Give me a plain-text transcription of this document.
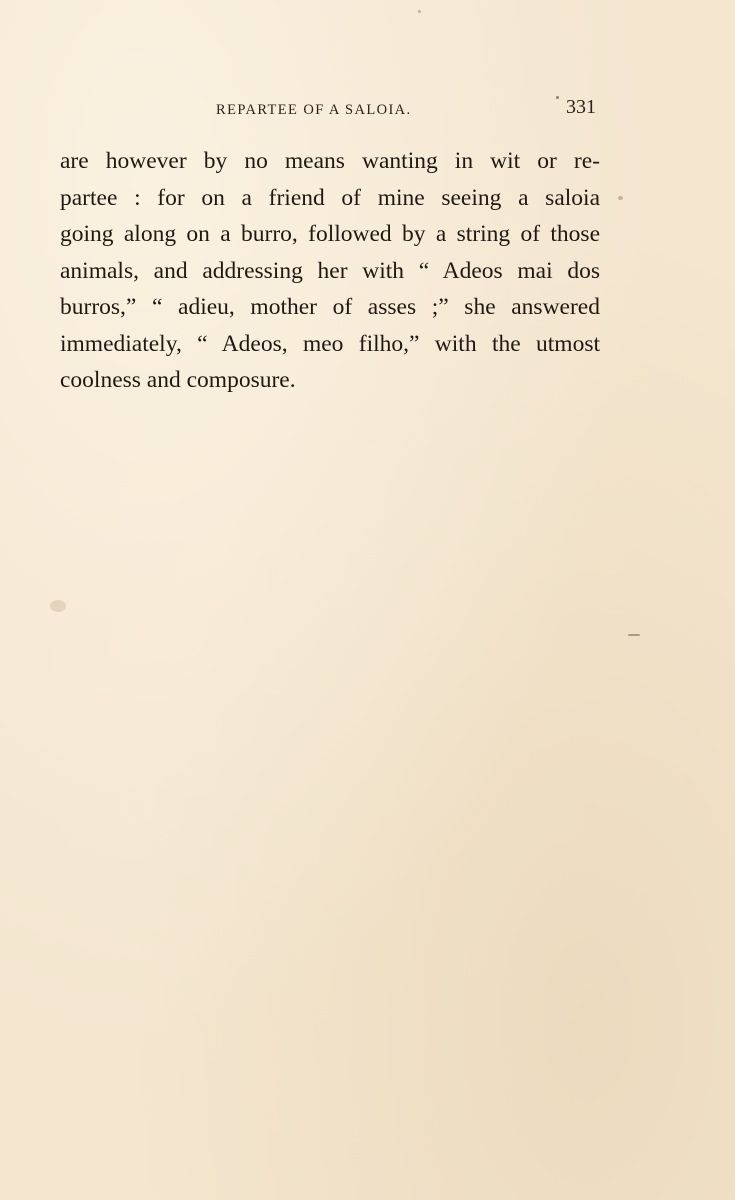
REPARTEE OF A SALOIA.	331
are however by no means wanting in wit or re-
partee : for on a friend of mine seeing a saloia
going along on a burro, followed by a string of those
animals, and addressing her with “ Adeos mai dos
burros,” “ adieu, mother of asses ;” she answered
immediately, “ Adeos, meo filho,” with the utmost
coolness and composure.
